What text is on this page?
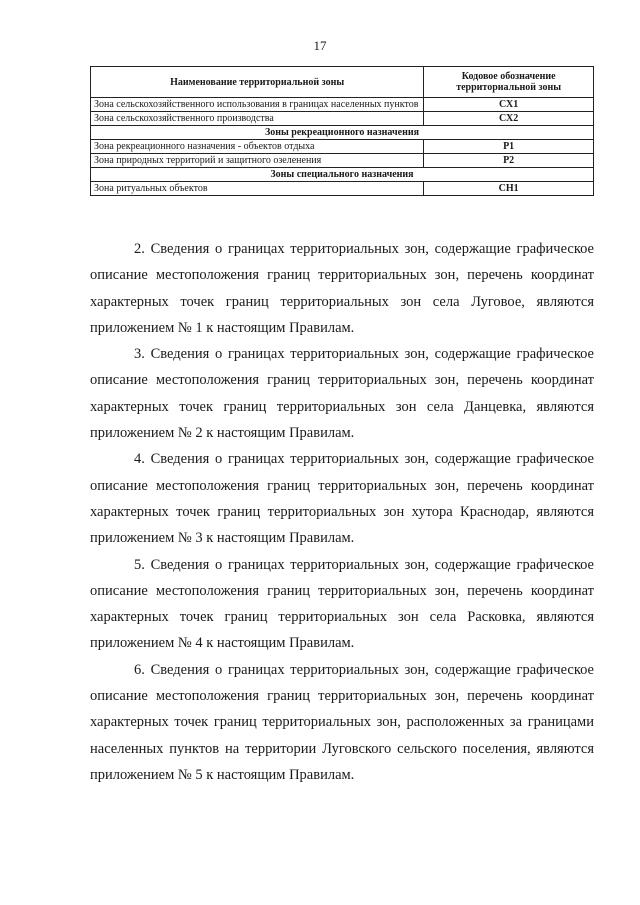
17
Наименование территориальной зоны	Кодовое обозначение территориальной зоны
Зона сельскохозяйственного использования в границах населенных пунктов	СХ1
Зона сельскохозяйственного производства	СХ2
Зоны рекреационного назначения	
Зона рекреационного назначения - объектов отдыха	Р1
Зона природных территорий и защитного озеленения	Р2
Зоны специального назначения	
Зона ритуальных объектов	СН1

2. Сведения о границах территориальных зон, содержащие графическое описание местоположения границ территориальных зон, перечень координат характерных точек границ территориальных зон села Луговое, являются приложением № 1 к настоящим Правилам.

3. Сведения о границах территориальных зон, содержащие графическое описание местоположения границ территориальных зон, перечень координат характерных точек границ территориальных зон села Данцевка, являются приложением № 2 к настоящим Правилам.

4. Сведения о границах территориальных зон, содержащие графическое описание местоположения границ территориальных зон, перечень координат характерных точек границ территориальных зон хутора Краснодар, являются приложением № 3 к настоящим Правилам.

5. Сведения о границах территориальных зон, содержащие графическое описание местоположения границ территориальных зон, перечень координат характерных точек границ территориальных зон села Расковка, являются приложением № 4 к настоящим Правилам.

6. Сведения о границах территориальных зон, содержащие графическое описание местоположения границ территориальных зон, перечень координат характерных точек границ территориальных зон, расположенных за границами населенных пунктов на территории Луговского сельского поселения, являются приложением № 5 к настоящим Правилам.
